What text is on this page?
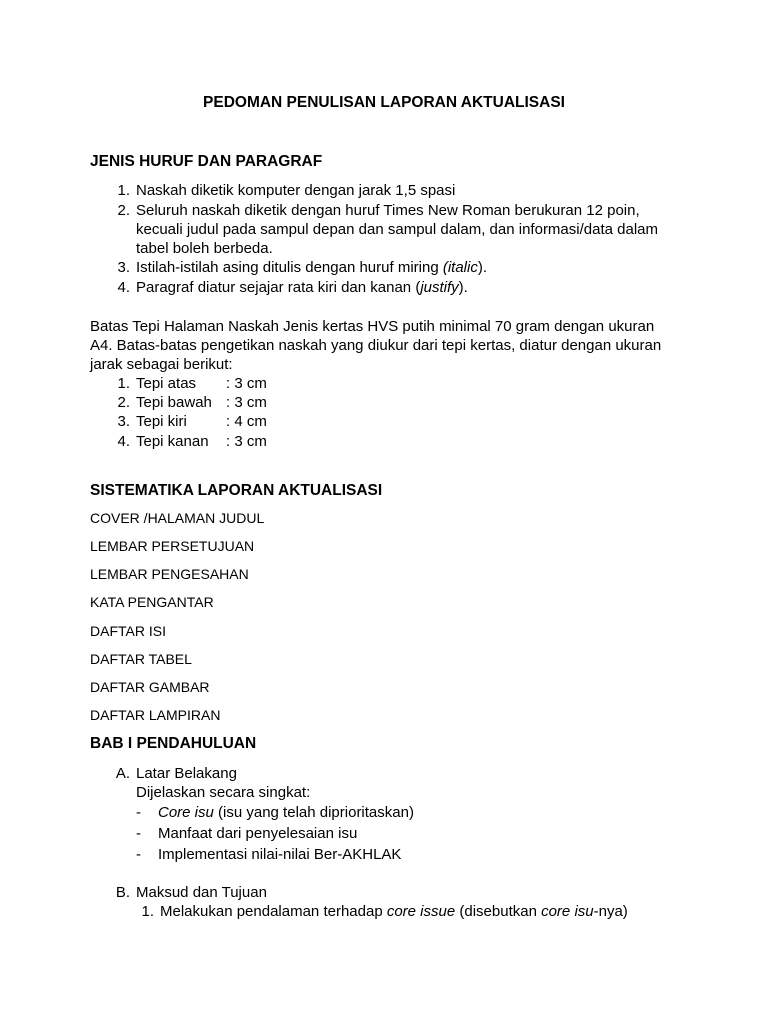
PEDOMAN PENULISAN LAPORAN AKTUALISASI
JENIS HURUF DAN PARAGRAF
1. Naskah diketik komputer dengan jarak 1,5 spasi
2. Seluruh naskah diketik dengan huruf Times New Roman berukuran 12 poin,
kecuali judul pada sampul depan dan sampul dalam, dan informasi/data dalam
tabel boleh berbeda.
3. Istilah-istilah asing ditulis dengan huruf miring (italic).
4. Paragraf diatur sejajar rata kiri dan kanan (justify).
Batas Tepi Halaman Naskah Jenis kertas HVS putih minimal 70 gram dengan ukuran
A4. Batas-batas pengetikan naskah yang diukur dari tepi kertas, diatur dengan ukuran
jarak sebagai berikut:
1. Tepi atas : 3 cm
2. Tepi bawah : 3 cm
3. Tepi kiri	: 4 cm
4. Tepi kanan : 3 cm
SISTEMATIKA LAPORAN AKTUALISASI
COVER /HALAMAN JUDUL
LEMBAR PERSETUJUAN
LEMBAR PENGESAHAN
KATA PENGANTAR
DAFTAR ISI
DAFTAR TABEL
DAFTAR GAMBAR
DAFTAR LAMPIRAN
BAB I PENDAHULUAN
A. Latar Belakang
Dijelaskan secara singkat:
- Core isu (isu yang telah diprioritaskan)
- Manfaat dari penyelesaian isu
- Implementasi nilai-nilai Ber-AKHLAK
B. Maksud dan Tujuan
1. Melakukan pendalaman terhadap core issue (disebutkan core isu-nya)
